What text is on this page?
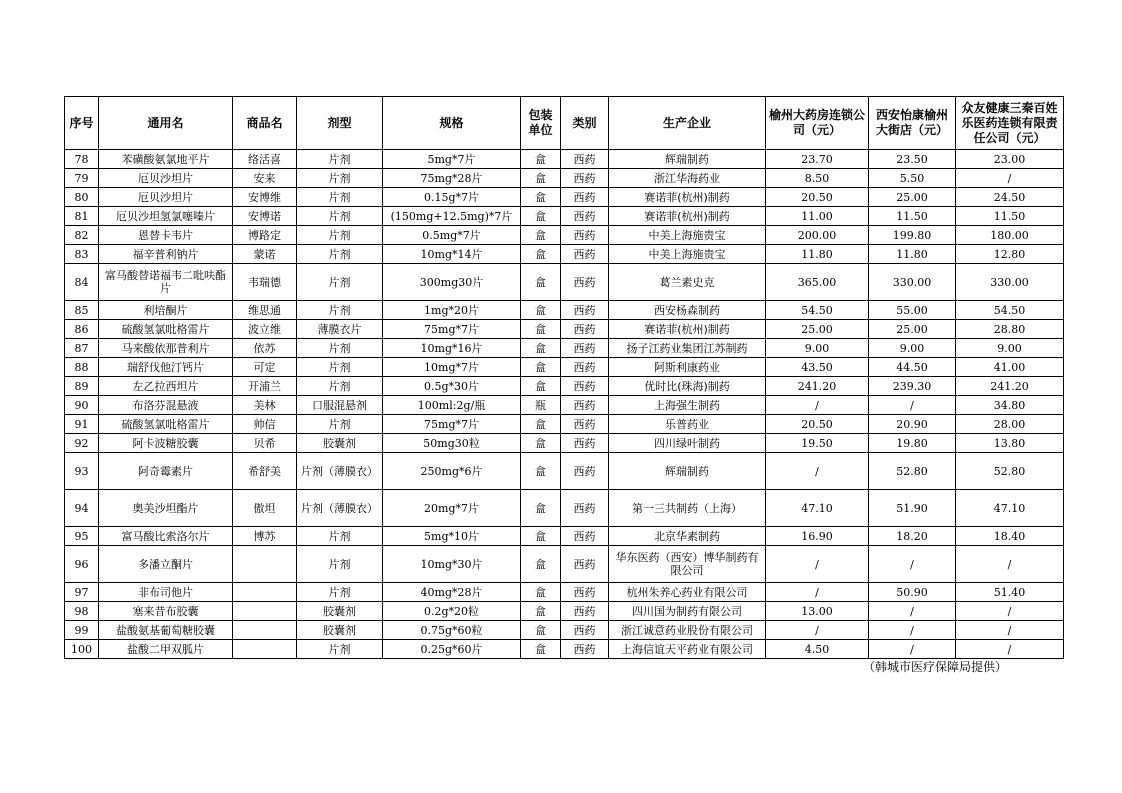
序号	通用名	商品名	剂型	规格	包装单位	类别	生产企业	榆州大药房连锁公司（元）	西安怡康榆州大街店（元）	众友健康三秦百姓乐医药连锁有限责任公司（元）
78	苯磺酸氨氯地平片	络活喜	片剂	5mg*7片	盒	西药	辉瑞制药	23.70	23.50	23.00
79	厄贝沙坦片	安来	片剂	75mg*28片	盒	西药	浙江华海药业	8.50	5.50	/
80	厄贝沙坦片	安博维	片剂	0.15g*7片	盒	西药	赛诺菲(杭州)制药	20.50	25.00	24.50
81	厄贝沙坦氢氯噻嗪片	安博诺	片剂	(150mg+12.5mg)*7片	盒	西药	赛诺菲(杭州)制药	11.00	11.50	11.50
82	恩替卡韦片	博路定	片剂	0.5mg*7片	盒	西药	中美上海施贵宝	200.00	199.80	180.00
83	福辛普利钠片	蒙诺	片剂	10mg*14片	盒	西药	中美上海施贵宝	11.80	11.80	12.80
84	富马酸替诺福韦二吡呋酯片	韦瑞德	片剂	300mg30片	盒	西药	葛兰素史克	365.00	330.00	330.00
85	利培酮片	维思通	片剂	1mg*20片	盒	西药	西安杨森制药	54.50	55.00	54.50
86	硫酸氢氯吡格雷片	波立维	薄膜衣片	75mg*7片	盒	西药	赛诺菲(杭州)制药	25.00	25.00	28.80
87	马来酸依那普利片	依苏	片剂	10mg*16片	盒	西药	扬子江药业集团江苏制药	9.00	9.00	9.00
88	瑞舒伐他汀钙片	可定	片剂	10mg*7片	盒	西药	阿斯利康药业	43.50	44.50	41.00
89	左乙拉西坦片	开浦兰	片剂	0.5g*30片	盒	西药	优时比(珠海)制药	241.20	239.30	241.20
90	布洛芬混悬液	美林	口服混悬剂	100ml:2g/瓶	瓶	西药	上海强生制药	/	/	34.80
91	硫酸氢氯吡格雷片	帅信	片剂	75mg*7片	盒	西药	乐普药业	20.50	20.90	28.00
92	阿卡波糖胶囊	贝希	胶囊剂	50mg30粒	盒	西药	四川绿叶制药	19.50	19.80	13.80
93	阿奇霉素片	希舒美	片剂（薄膜衣）	250mg*6片	盒	西药	辉瑞制药	/	52.80	52.80
94	奥美沙坦酯片	傲坦	片剂（薄膜衣）	20mg*7片	盒	西药	第一三共制药（上海）	47.10	51.90	47.10
95	富马酸比索洛尔片	博苏	片剂	5mg*10片	盒	西药	北京华素制药	16.90	18.20	18.40
96	多潘立酮片		片剂	10mg*30片	盒	西药	华东医药（西安）博华制药有限公司	/	/	/
97	非布司他片		片剂	40mg*28片	盒	西药	杭州朱养心药业有限公司	/	50.90	51.40
98	塞来昔布胶囊		胶囊剂	0.2g*20粒	盒	西药	四川国为制药有限公司	13.00	/	/
99	盐酸氨基葡萄糖胶囊		胶囊剂	0.75g*60粒	盒	西药	浙江诚意药业股份有限公司	/	/	/
100	盐酸二甲双胍片		片剂	0.25g*60片	盒	西药	上海信谊天平药业有限公司	4.50	/	/
（韩城市医疗保障局提供）
